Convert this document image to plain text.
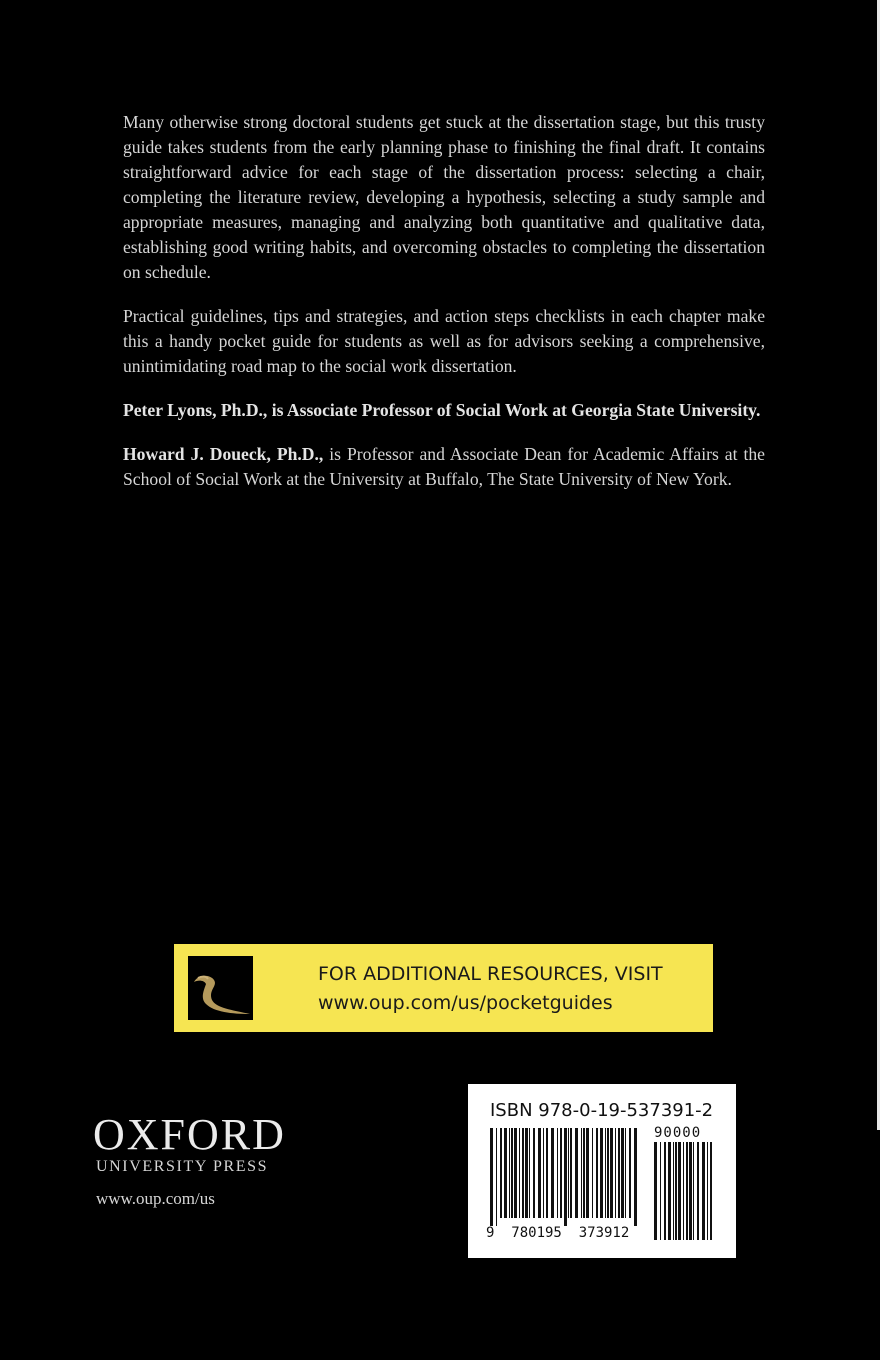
Many otherwise strong doctoral students get stuck at the dissertation stage, but this trusty guide takes students from the early planning phase to finishing the final draft. It contains straightforward advice for each stage of the dissertation process: selecting a chair, completing the literature review, developing a hypothesis, selecting a study sample and appropriate measures, managing and analyzing both quantitative and qualitative data, establishing good writing habits, and overcoming obstacles to completing the dissertation on schedule.

Practical guidelines, tips and strategies, and action steps checklists in each chapter make this a handy pocket guide for students as well as for advisors seeking a comprehensive, unintimidating road map to the social work dissertation.

Peter Lyons, Ph.D., is Associate Professor of Social Work at Georgia State University.

Howard J. Doueck, Ph.D., is Professor and Associate Dean for Academic Affairs at the School of Social Work at the University at Buffalo, The State University of New York.

FOR ADDITIONAL RESOURCES, VISIT
www.oup.com/us/pocketguides
OXFORD
UNIVERSITY PRESS
www.oup.com/us
ISBN 978-0-19-537391-2
90000
9  780195  373912
